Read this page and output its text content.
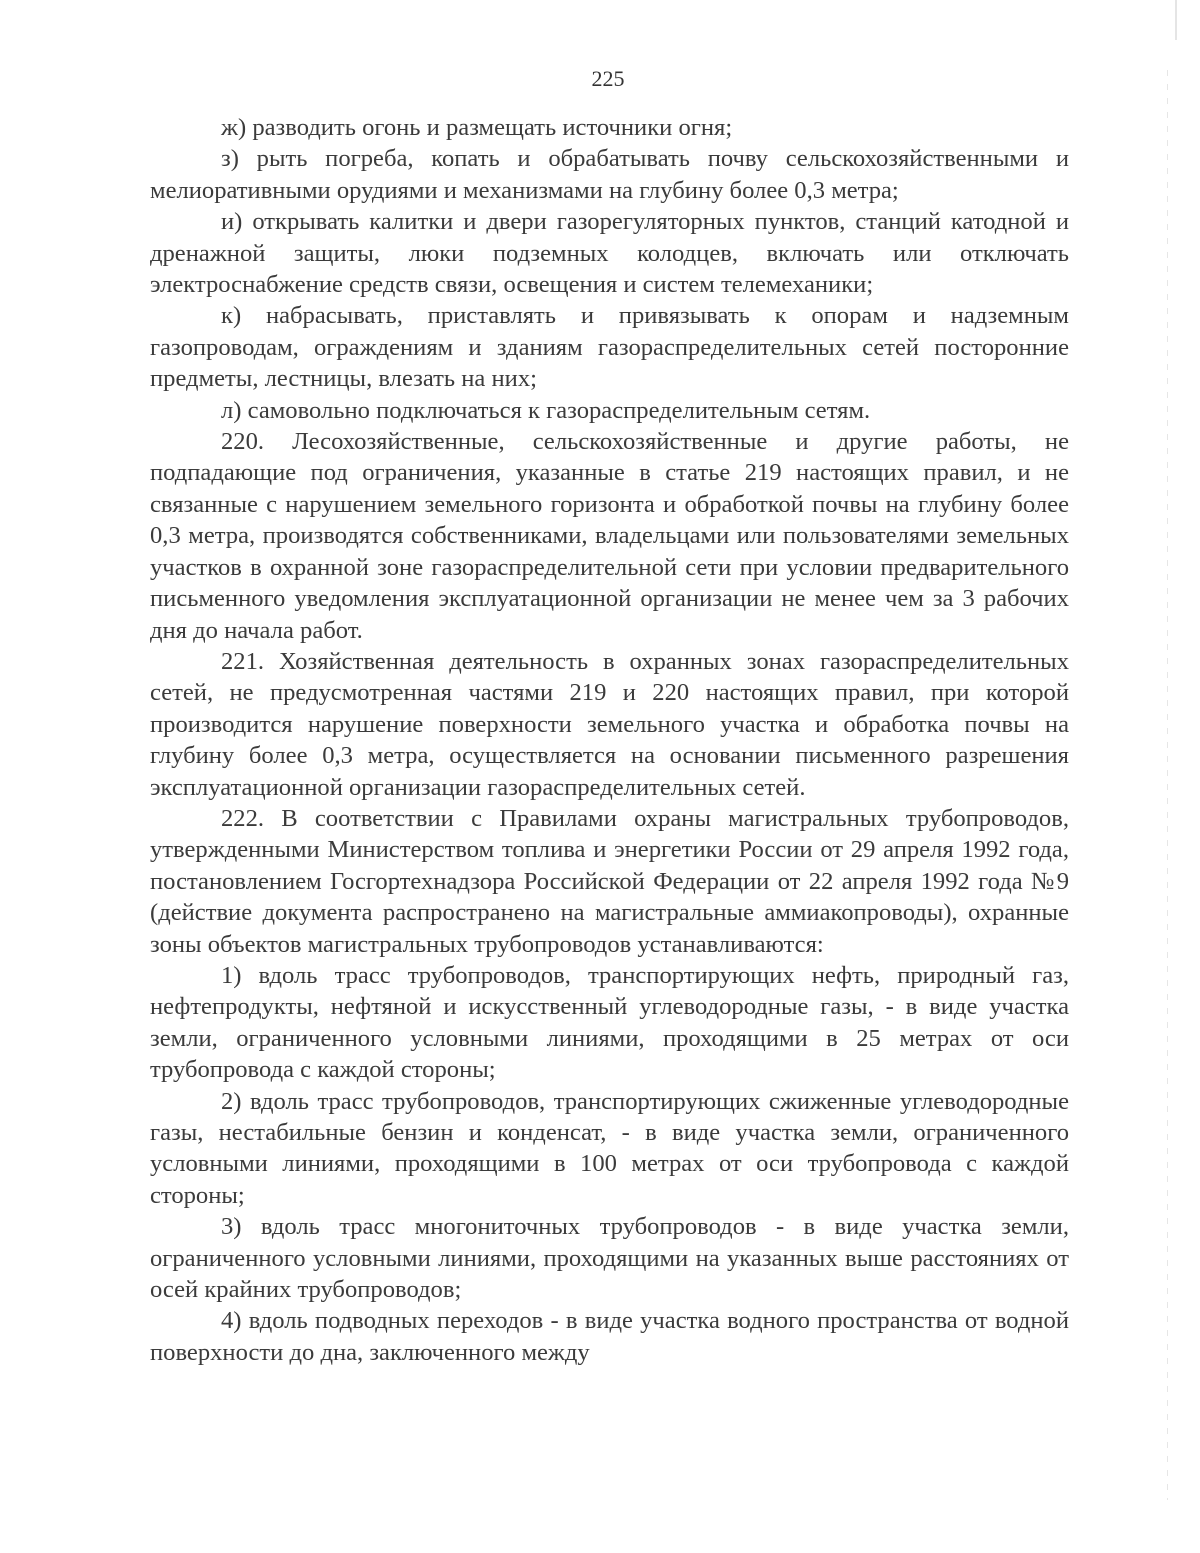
225

ж) разводить огонь и размещать источники огня;

з) рыть погреба, копать и обрабатывать почву сельскохозяйственными и мелиоративными орудиями и механизмами на глубину более 0,3 метра;

и) открывать калитки и двери газорегуляторных пунктов, станций катодной и дренажной защиты, люки подземных колодцев, включать или отключать электроснабжение средств связи, освещения и систем телемеханики;

к) набрасывать, приставлять и привязывать к опорам и надземным газопроводам, ограждениям и зданиям газораспределительных сетей посторонние предметы, лестницы, влезать на них;

л) самовольно подключаться к газораспределительным сетям.

220. Лесохозяйственные, сельскохозяйственные и другие работы, не подпадающие под ограничения, указанные в статье 219 настоящих правил, и не связанные с нарушением земельного горизонта и обработкой почвы на глубину более 0,3 метра, производятся собственниками, владельцами или пользователями земельных участков в охранной зоне газораспределительной сети при условии предварительного письменного уведомления эксплуатационной организации не менее чем за 3 рабочих дня до начала работ.

221. Хозяйственная деятельность в охранных зонах газораспределительных сетей, не предусмотренная частями 219 и 220 настоящих правил, при которой производится нарушение поверхности земельного участка и обработка почвы на глубину более 0,3 метра, осуществляется на основании письменного разрешения эксплуатационной организации газораспределительных сетей.

222. В соответствии с Правилами охраны магистральных трубопроводов, утвержденными Министерством топлива и энергетики России от 29 апреля 1992 года, постановлением Госгортехнадзора Российской Федерации от 22 апреля 1992 года №9 (действие документа распространено на магистральные аммиакопроводы), охранные зоны объектов магистральных трубопроводов устанавливаются:

1) вдоль трасс трубопроводов, транспортирующих нефть, природный газ, нефтепродукты, нефтяной и искусственный углеводородные газы, - в виде участка земли, ограниченного условными линиями, проходящими в 25 метрах от оси трубопровода с каждой стороны;

2) вдоль трасс трубопроводов, транспортирующих сжиженные углеводородные газы, нестабильные бензин и конденсат, - в виде участка земли, ограниченного условными линиями, проходящими в 100 метрах от оси трубопровода с каждой стороны;

3) вдоль трасс многониточных трубопроводов - в виде участка земли, ограниченного условными линиями, проходящими на указанных выше расстояниях от осей крайних трубопроводов;

4) вдоль подводных переходов - в виде участка водного пространства от водной поверхности до дна, заключенного между
